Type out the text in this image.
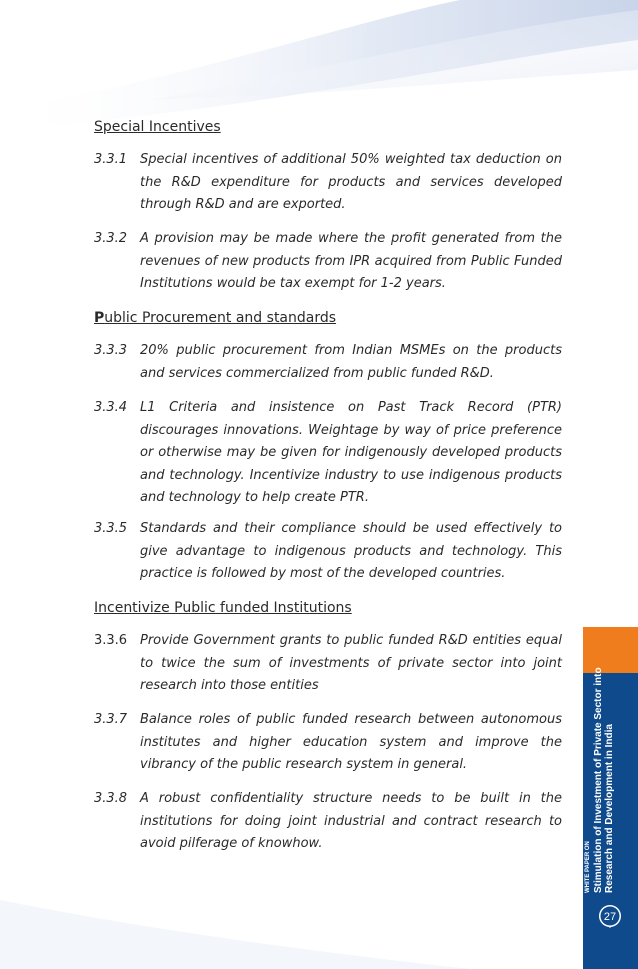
Special Incentives

3.3.1 Special incentives of additional 50% weighted tax deduction on the R&D expenditure for products and services developed through R&D and are exported.
3.3.2 A provision may be made where the profit generated from the revenues of new products from IPR acquired from Public Funded Institutions would be tax exempt for 1-2 years.

Public Procurement and standards

3.3.3 20% public procurement from Indian MSMEs on the products and services commercialized from public funded R&D.
3.3.4 L1 Criteria and insistence on Past Track Record (PTR) discourages innovations. Weightage by way of price preference or otherwise may be given for indigenously developed products and technology. Incentivize industry to use indigenous products and technology to help create PTR.
3.3.5 Standards and their compliance should be used effectively to give advantage to indigenous products and technology. This practice is followed by most of the developed countries.

Incentivize Public funded Institutions

3.3.6 Provide Government grants to public funded R&D entities equal to twice the sum of investments of private sector into joint research into those entities
3.3.7 Balance roles of public funded research between autonomous institutes and higher education system and improve the vibrancy of the public research system in general.
3.3.8 A robust confidentiality structure needs to be built in the institutions for doing joint industrial and contract research to avoid pilferage of knowhow.	WHITE PAPER ON Stimulation of Investment of Private Sector into Research and Development in India
27
